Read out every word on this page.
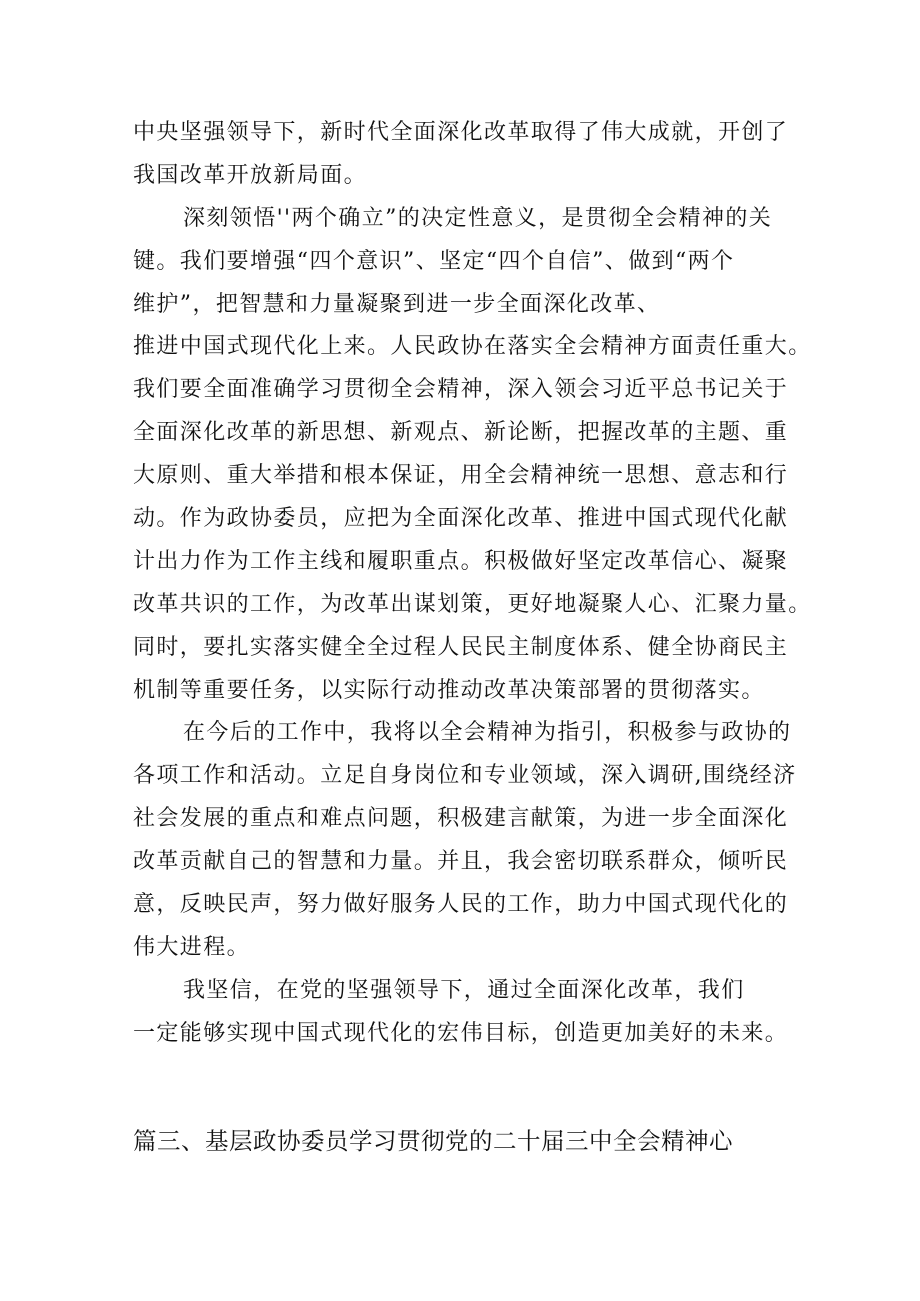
中央坚强领导下，新时代全面深化改革取得了伟大成就，开创了
我国改革开放新局面。
深刻领悟''两个确立”的决定性意义，是贯彻全会精神的关
键。我们要增强“四个意识”、坚定“四个自信”、做到“两个
维护”，把智慧和力量凝聚到进一步全面深化改革、
推进中国式现代化上来。人民政协在落实全会精神方面责任重大。
我们要全面准确学习贯彻全会精神，深入领会习近平总书记关于
全面深化改革的新思想、新观点、新论断，把握改革的主题、重
大原则、重大举措和根本保证，用全会精神统一思想、意志和行
动。作为政协委员，应把为全面深化改革、推进中国式现代化献
计出力作为工作主线和履职重点。积极做好坚定改革信心、凝聚
改革共识的工作，为改革出谋划策，更好地凝聚人心、汇聚力量。
同时，要扎实落实健全全过程人民民主制度体系、健全协商民主
机制等重要任务，以实际行动推动改革决策部署的贯彻落实。
在今后的工作中，我将以全会精神为指引，积极参与政协的
各项工作和活动。立足自身岗位和专业领域，深入调研,围绕经济
社会发展的重点和难点问题，积极建言献策，为进一步全面深化
改革贡献自己的智慧和力量。并且，我会密切联系群众，倾听民
意，反映民声，努力做好服务人民的工作，助力中国式现代化的
伟大进程。
我坚信，在党的坚强领导下，通过全面深化改革，我们
一定能够实现中国式现代化的宏伟目标，创造更加美好的未来。
篇三、基层政协委员学习贯彻党的二十届三中全会精神心
